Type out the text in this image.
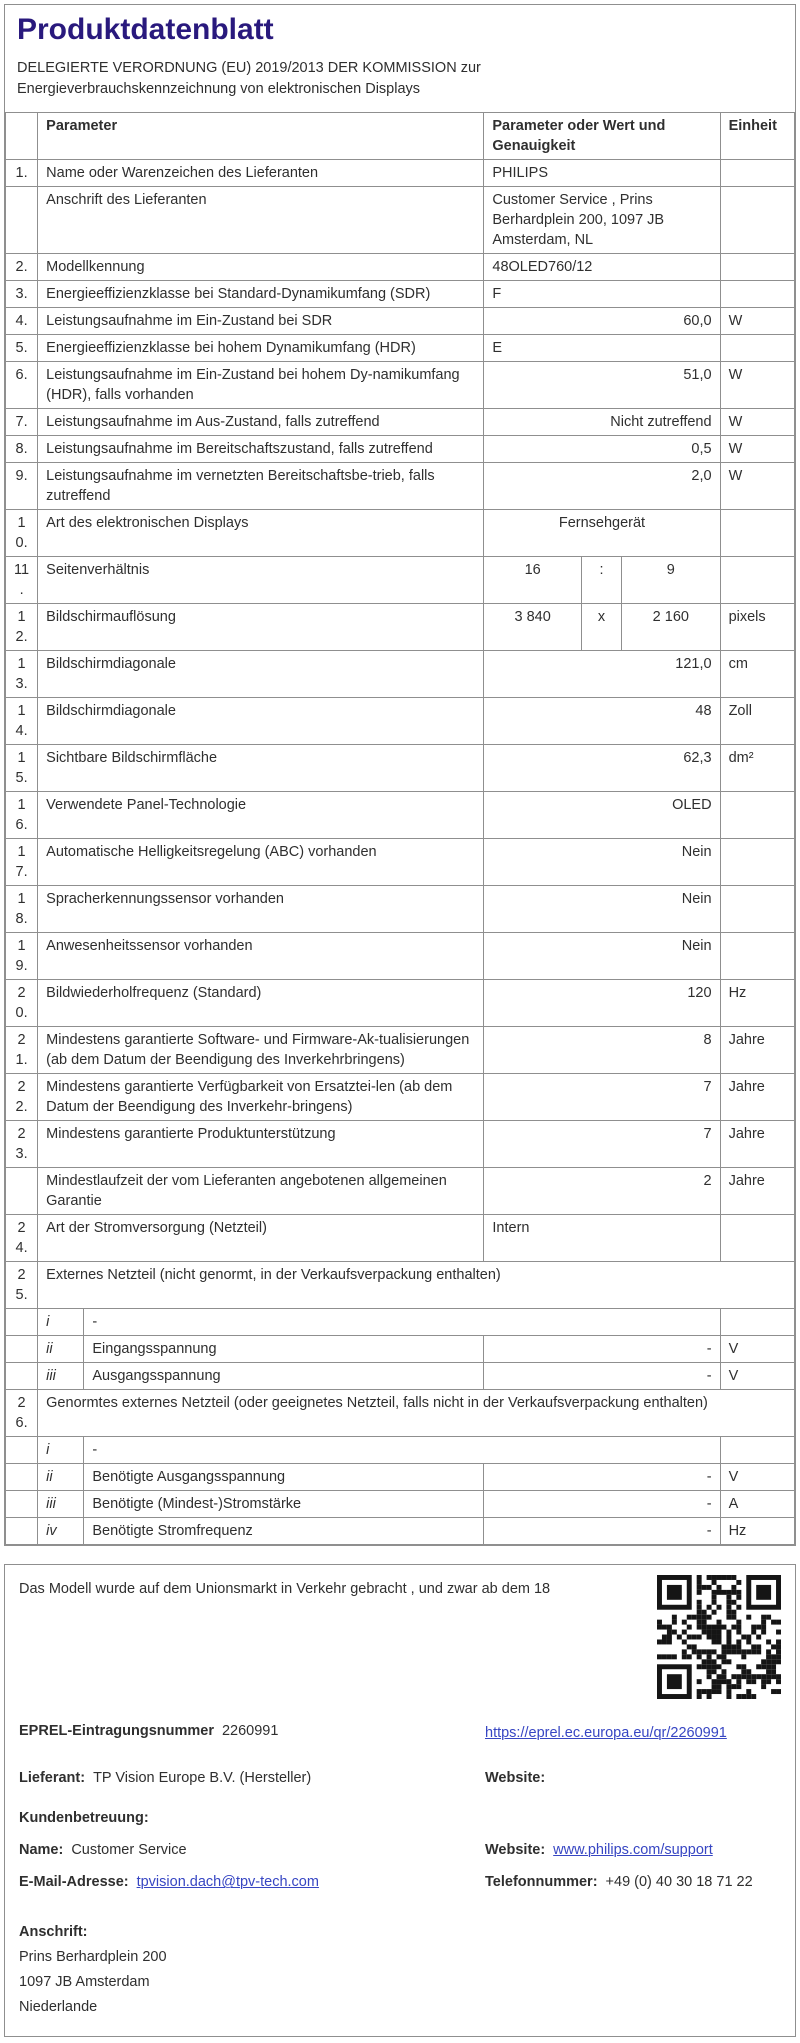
Produktdatenblatt
DELEGIERTE VERORDNUNG (EU) 2019/2013 DER KOMMISSION zur Energieverbrauchskennzeichnung von elektronischen Displays
	Parameter		Parameter oder Wert und Genauigkeit			Einheit
1.	Name oder Warenzeichen des Lieferanten		PHILIPS			
	Anschrift des Lieferanten		Customer Service , Prins Berhardplein 200, 1097 JB Amsterdam, NL			
2.	Modellkennung		48OLED760/12			
3.	Energieeffizienzklasse bei Standard-Dynamikumfang (SDR)		F			
4.	Leistungsaufnahme im Ein-Zustand bei SDR		60,0			W
5.	Energieeffizienzklasse bei hohem Dynamikumfang (HDR)		E			
6.	Leistungsaufnahme im Ein-Zustand bei hohem Dy-namikumfang (HDR), falls vorhanden		51,0			W
7.	Leistungsaufnahme im Aus-Zustand, falls zutreffend		Nicht zutreffend			W
8.	Leistungsaufnahme im Bereitschaftszustand, falls zutreffend		0,5			W
9.	Leistungsaufnahme im vernetzten Bereitschaftsbe-trieb, falls zutreffend		2,0			W
10.	Art des elektronischen Displays		Fernsehgerät			
11.	Seitenverhältnis		16	:	9	
12.	Bildschirmauflösung		3 840	x	2 160	pixels
13.	Bildschirmdiagonale		121,0			cm
14.	Bildschirmdiagonale		48			Zoll
15.	Sichtbare Bildschirmfläche		62,3			dm²
16.	Verwendete Panel-Technologie		OLED			
17.	Automatische Helligkeitsregelung (ABC) vorhanden		Nein			
18.	Spracherkennungssensor vorhanden		Nein			
19.	Anwesenheitssensor vorhanden		Nein			
20.	Bildwiederholfrequenz (Standard)		120			Hz
21.	Mindestens garantierte Software- und Firmware-Ak-tualisierungen (ab dem Datum der Beendigung des Inverkehrbringens)		8			Jahre
22.	Mindestens garantierte Verfügbarkeit von Ersatztei-len (ab dem Datum der Beendigung des Inverkehr-bringens)		7			Jahre
23.	Mindestens garantierte Produktunterstützung		7			Jahre
	Mindestlaufzeit der vom Lieferanten angebotenen allgemeinen Garantie		2			Jahre
24.	Art der Stromversorgung (Netzteil)		Intern			
25.	Externes Netzteil (nicht genormt, in der Verkaufsverpackung enthalten)					
	i	-				
	ii	Eingangsspannung	-			V
	iii	Ausgangsspannung	-			V
26.	Genormtes externes Netzteil (oder geeignetes Netzteil, falls nicht in der Verkaufsverpackung enthalten)					
	i	-				
	ii	Benötigte Ausgangsspannung	-			V
	iii	Benötigte (Mindest-)Stromstärke	-			A
	iv	Benötigte Stromfrequenz	-			Hz
Das Modell wurde auf dem Unionsmarkt in Verkehr gebracht , und zwar ab dem 18
EPREL-Eintragungsnummer 2260991	https://eprel.ec.europa.eu/qr/2260991
Lieferant: TP Vision Europe B.V. (Hersteller)	Website:
Kundenbetreuung:
Name: Customer Service	Website: www.philips.com/support
E-Mail-Adresse: tpvision.dach@tpv-tech.com	Telefonnummer: +49 (0) 40 30 18 71 22
Anschrift:
Prins Berhardplein 200
1097 JB Amsterdam
Niederlande
